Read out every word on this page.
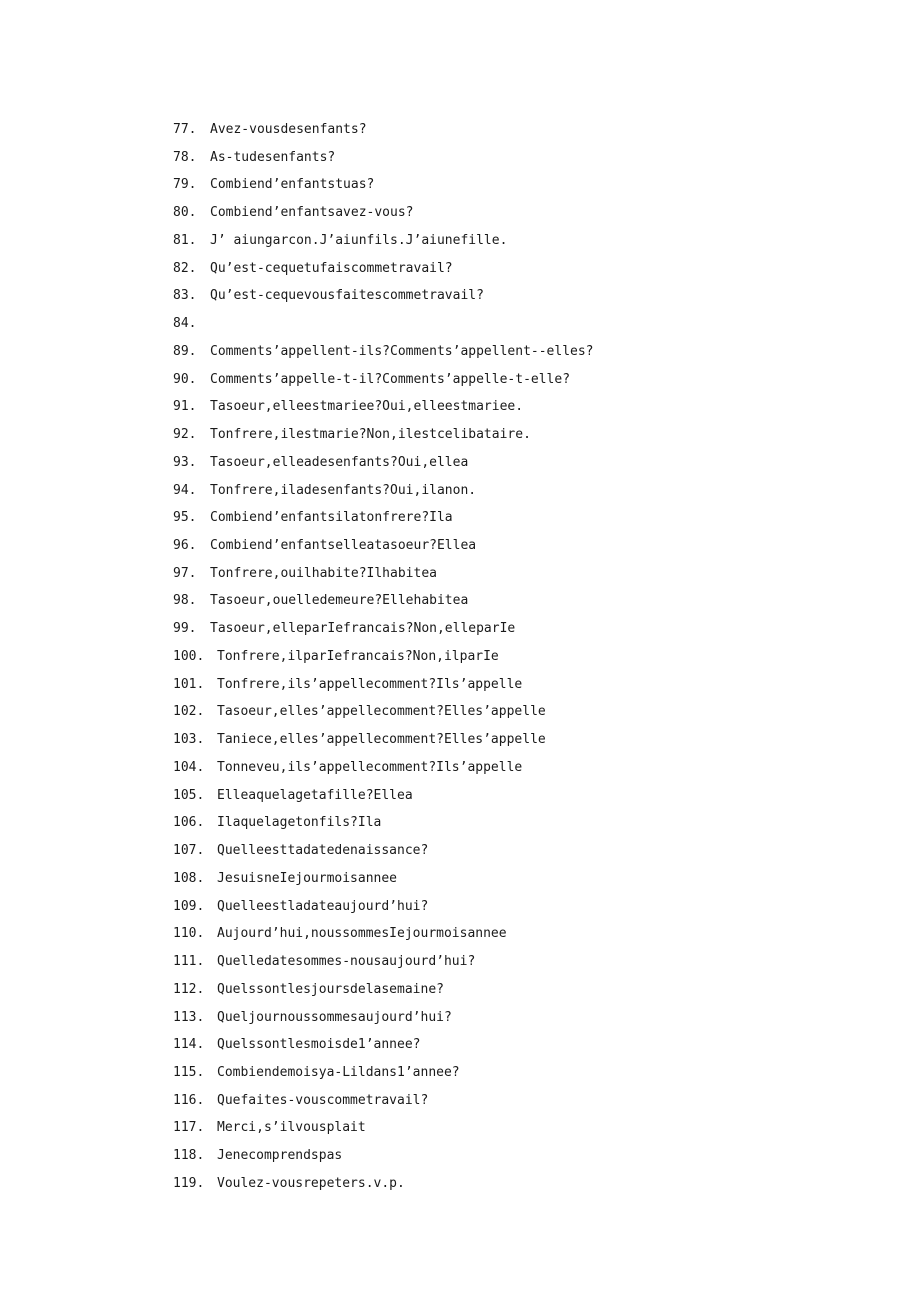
77.	Avez-vousdesenfants?
78.	As-tudesenfants?
79.	Combiend’enfantstuas?
80.	Combiend’enfantsavez-vous?
81.	J’ aiungarcon.J’aiunfils.J’aiunefille.
82.	Qu’est-cequetufaiscommetravail?
83.	Qu’est-cequevousfaitescommetravail?
84.
89.	Comments’appellent-ils?Comments’appellent--elles?
90.	Comments’appelle-t-il?Comments’appelle-t-elle?
91.	Tasoeur,elleestmariee?Oui,elleestmariee.
92.	Tonfrere,ilestmarie?Non,ilestcelibataire.
93.	Tasoeur,elleadesenfants?Oui,ellea
94.	Tonfrere,iladesenfants?Oui,ilanon.
95.	Combiend’enfantsilatonfrere?Ila
96.	Combiend’enfantselleatasoeur?Ellea
97.	Tonfrere,ouilhabite?Ilhabitea
98.	Tasoeur,ouelledemeure?Ellehabitea
99.	Tasoeur,elleparIefrancais?Non,elleparIe
100. Tonfrere,ilparIefrancais?Non,ilparIe
101. Tonfrere,ils’appellecomment?Ils’appelle
102. Tasoeur,elles’appellecomment?Elles’appelle
103. Taniece,elles’appellecomment?Elles’appelle
104. Tonneveu,ils’appellecomment?Ils’appelle
105. Elleaquelagetafille?Ellea
106. Ilaquelagetonfils?Ila
107. Quelleesttadatedenaissance?
108. JesuisneIejourmoisannee
109. Quelleestladateaujourd’hui?
110. Aujourd’hui,noussommesIejourmoisannee
111. Quelledatesommes-nousaujourd’hui?
112. Quelssontlesjoursdelasemaine?
113. Queljournoussommesaujourd’hui?
114. Quelssontlesmoisde1’annee?
115. Combiendemoisya-Lildans1’annee?
116. Quefaites-vouscommetravail?
117. Merci,s’ilvousplait
118. Jenecomprendspas
119. Voulez-vousrepeters.v.p.
